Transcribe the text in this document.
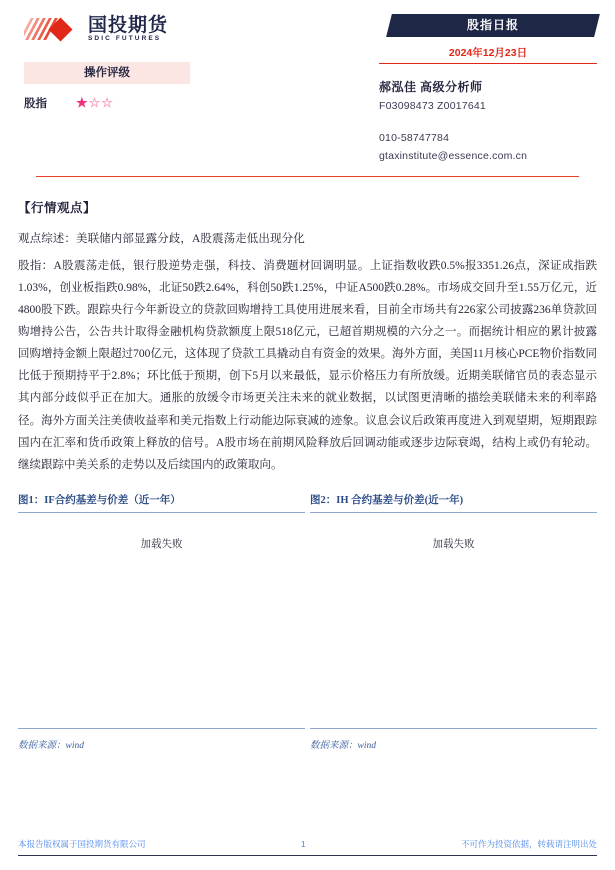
国投期货
SDIC FUTURES
操作评级
股指	★☆☆
股指日报
2024年12月23日
郝泓佳 高级分析师
F03098473 Z0017641
010-58747784
gtaxinstitute@essence.com.cn
【行情观点】
观点综述：美联储内部显露分歧，A股震荡走低出现分化
股指：A股震荡走低，银行股逆势走强，科技、消费题材回调明显。上证指数收跌0.5%报3351.26点，深证成指跌1.03%，创业板指跌0.98%，北证50跌2.64%，科创50跌1.25%，中证A500跌0.28%。市场成交回升至1.55万亿元，近4800股下跌。跟踪央行今年新设立的贷款回购增持工具使用进展来看，目前全市场共有226家公司披露236单贷款回购增持公告，公告共计取得金融机构贷款额度上限518亿元，已超首期规模的六分之一。而据统计相应的累计披露回购增持金额上限超过700亿元，这体现了贷款工具撬动自有资金的效果。海外方面，美国11月核心PCE物价指数同比低于预期持平于2.8%；环比低于预期，创下5月以来最低，显示价格压力有所放缓。近期美联储官员的表态显示其内部分歧似乎正在加大。通胀的放缓令市场更关注未来的就业数据，以试图更清晰的描绘美联储未来的利率路径。海外方面关注美债收益率和美元指数上行动能边际衰减的迹象。议息会议后政策再度进入到观望期，短期跟踪国内在汇率和货币政策上释放的信号。A股市场在前期风险释放后回调动能或逐步边际衰竭，结构上或仍有轮动。继续跟踪中美关系的走势以及后续国内的政策取向。
图1：IF合约基差与价差（近一年）
加载失败
数据来源：wind
图2：IH 合约基差与价差(近一年)
加载失败
数据来源：wind
本报告版权属于国投期货有限公司	1	不可作为投资依据，转载请注明出处
